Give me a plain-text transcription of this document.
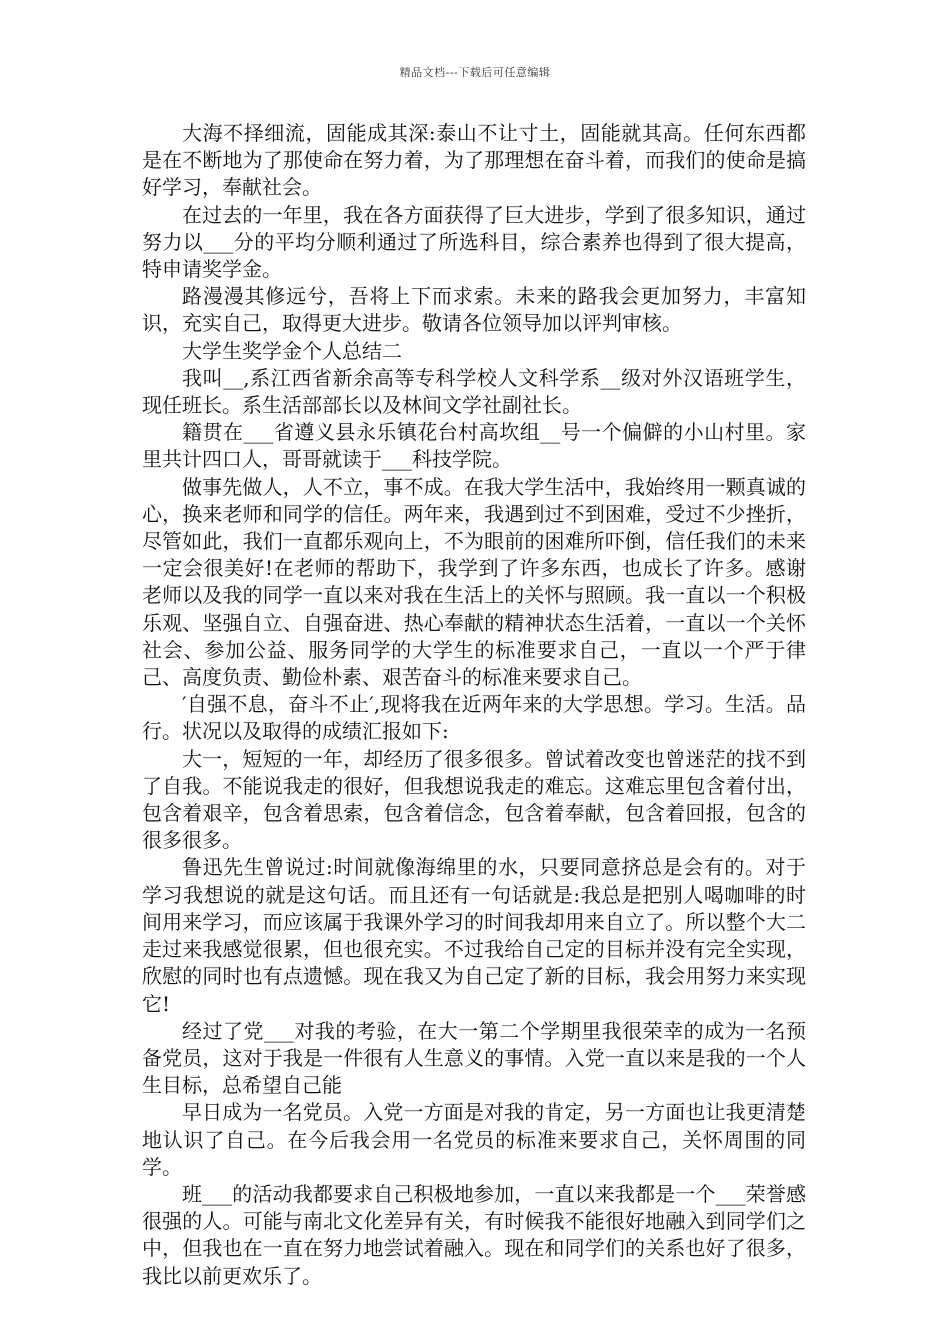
精品文档---下载后可任意编辑

大海不择细流，固能成其深:泰山不让寸土，固能就其高。任何东西都是在不断地为了那使命在努力着，为了那理想在奋斗着，而我们的使命是搞好学习，奉献社会。

在过去的一年里，我在各方面获得了巨大进步，学到了很多知识，通过努力以___分的平均分顺利通过了所选科目，综合素养也得到了很大提高，特申请奖学金。

路漫漫其修远兮，吾将上下而求索。未来的路我会更加努力，丰富知识，充实自己，取得更大进步。敬请各位领导加以评判审核。

大学生奖学金个人总结二

我叫__,系江西省新余高等专科学校人文科学系__级对外汉语班学生，现任班长。系生活部部长以及林间文学社副社长。

籍贯在___省遵义县永乐镇花台村高坎组__号一个偏僻的小山村里。家里共计四口人，哥哥就读于___科技学院。

做事先做人，人不立，事不成。在我大学生活中，我始终用一颗真诚的心，换来老师和同学的信任。两年来，我遇到过不到困难，受过不少挫折，尽管如此，我们一直都乐观向上，不为眼前的困难所吓倒，信任我们的未来一定会很美好!在老师的帮助下，我学到了许多东西，也成长了许多。感谢老师以及我的同学一直以来对我在生活上的关怀与照顾。我一直以一个积极乐观、坚强自立、自强奋进、热心奉献的精神状态生活着，一直以一个关怀社会、参加公益、服务同学的大学生的标准要求自己，一直以一个严于律己、高度负责、勤俭朴素、艰苦奋斗的标准来要求自己。

′自强不息，奋斗不止′,现将我在近两年来的大学思想。学习。生活。品行。状况以及取得的成绩汇报如下:

大一，短短的一年，却经历了很多很多。曾试着改变也曾迷茫的找不到了自我。不能说我走的很好，但我想说我走的难忘。这难忘里包含着付出，包含着艰辛，包含着思索，包含着信念，包含着奉献，包含着回报，包含的很多很多。

鲁迅先生曾说过:时间就像海绵里的水，只要同意挤总是会有的。对于学习我想说的就是这句话。而且还有一句话就是:我总是把别人喝咖啡的时间用来学习，而应该属于我课外学习的时间我却用来自立了。所以整个大二走过来我感觉很累，但也很充实。不过我给自己定的目标并没有完全实现，欣慰的同时也有点遗憾。现在我又为自己定了新的目标，我会用努力来实现它!

经过了党___对我的考验，在大一第二个学期里我很荣幸的成为一名预备党员，这对于我是一件很有人生意义的事情。入党一直以来是我的一个人生目标，总希望自己能

早日成为一名党员。入党一方面是对我的肯定，另一方面也让我更清楚地认识了自己。在今后我会用一名党员的标准来要求自己，关怀周围的同学。

班___的活动我都要求自己积极地参加，一直以来我都是一个___荣誉感很强的人。可能与南北文化差异有关，有时候我不能很好地融入到同学们之中，但我也在一直在努力地尝试着融入。现在和同学们的关系也好了很多，我比以前更欢乐了。
